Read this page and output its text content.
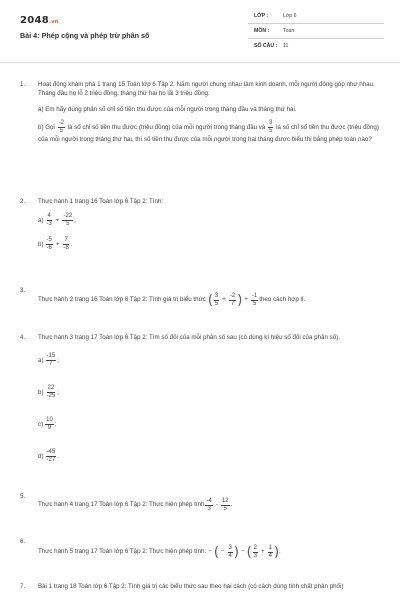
2048.vn
Bài 4: Phép cộng và phép trừ phân số
LỚP :	Lớp 6
MÔN :	Toán
SỐ CÂU : 11
1. Hoạt động khám phá 1 trang 15 Toán lớp 6 Tập 2: Năm người chung nhau làm kinh doanh, mỗi người đóng góp như nhau. Tháng đầu họ lỗ 2 triệu đồng, tháng thứ hai họ lãi 3 triệu đồng.
a) Em hãy dùng phân số chỉ số tiền thu được của mỗi người trong tháng đầu và tháng thứ hai.
b) Gọi $\frac{-2}{5}$ là số chỉ số tiền thu được (triệu đồng) của mỗi người trong tháng đầu và $\frac{3}{5}$ là số chỉ số tiền thu được (triệu đồng) của mỗi người trong tháng thứ hai, thì số tiền thu được của mỗi người trong hai tháng được biểu thị bằng phép toán nào?
2. Thực hành 1 trang 16 Toán lớp 6 Tập 2: Tính:
$a) \frac{4}{-3} + \frac{-22}{5}$ ;
$b) \frac{-5}{-6} + \frac{7}{-8}$ .
3.
Thực hành 2 trang 16 Toán lớp 6 Tập 2: Tính giá trị biểu thức ( $\frac{3}{5} + \frac{-2}{7}$ ) + $\frac{-1}{5}$ theo cách hợp lí.
4. Thực hành 3 trang 17 Toán lớp 6 Tập 2: Tìm số đối của mỗi phân số sau (có dùng kí hiệu số đối của phân số).
$a) \frac{-15}{7}$ ;
$b) \frac{22}{-25}$ ;
$c) \frac{10}{9}$ ;
$d) \frac{-45}{-27}$ .
5.
Thực hành 4 trang 17 Toán lớp 6 Tập 2: Thực hiện phép tính $\frac{-4}{3} - \frac{12}{5}$ .
6.
Thực hành 5 trang 17 Toán lớp 6 Tập 2: Thực hiện phép tính: − ( − $\frac{3}{4}$ ) − ( $\frac{2}{3} + \frac{1}{4}$ ) .
7. Bài 1 trang 18 Toán lớp 6 Tập 2: Tính giá trị các biểu thức sau theo hai cách (có cách dùng tính chất phân phối)
